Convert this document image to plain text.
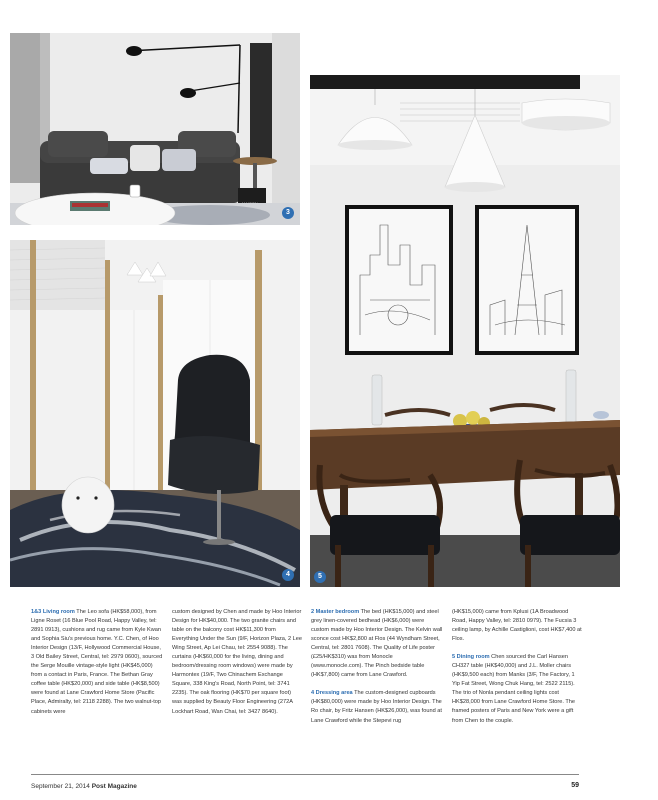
3
4	5

1&3 Living room The Leo sofa (HK$58,000), from Ligne Roset (16 Blue Pool Road, Happy Valley, tel: 2891 0913), cushions and rug came from Kyle Kwan and Sophia Siu's previous home. Y.C. Chen, of Hoo Interior Design (13/F, Hollywood Commercial House, 3 Old Bailey Street, Central, tel: 2979 0600), sourced the Serge Mouille vintage-style light (HK$45,000) from a contact in Paris, France. The Bethan Gray coffee table (HK$20,000) and side table (HK$8,500) were found at Lane Crawford Home Store (Pacific Place, Admiralty, tel: 2118 2288). The two walnut-top cabinets were

custom designed by Chen and made by Hoo Interior Design for HK$40,000. The two granite chairs and table on the balcony cost HK$11,300 from Everything Under the Sun (9/F, Horizon Plaza, 2 Lee Wing Street, Ap Lei Chau, tel: 2554 9088). The curtains (HK$60,000 for the living, dining and bedroom/dressing room windows) were made by Harmontex (19/F, Two Chinachem Exchange Square, 338 King's Road, North Point, tel: 3741 2235). The oak flooring (HK$70 per square foot) was supplied by Beauty Floor Engineering (272A Lockhart Road, Wan Chai, tel: 3427 8640).

2 Master bedroom The bed (HK$15,000) and steel grey linen-covered bedhead (HK$6,000) were custom made by Hoo Interior Design. The Kelvin wall sconce cost HK$2,800 at Flos (44 Wyndham Street, Central, tel: 2801 7608). The Quality of Life poster (£25/HK$310) was from Monocle (www.monocle.com). The Pinch bedside table (HK$7,800) came from Lane Crawford.

4 Dressing area The custom-designed cupboards (HK$80,000) were made by Hoo Interior Design. The Ro chair, by Fritz Hansen (HK$26,000), was found at Lane Crawford while the Stepevi rug

(HK$15,000) came from Kplusi (1A Broadwood Road, Happy Valley, tel: 2810 0979). The Fucsia 3 ceiling lamp, by Achille Castiglioni, cost HK$7,400 at Flos.

5 Dining room Chen sourced the Carl Hansen CH327 table (HK$40,000) and J.L. Moller chairs (HK$9,500 each) from Manks (3/F, The Factory, 1 Yip Fat Street, Wong Chuk Hang, tel: 2522 2115). The trio of Nonla pendant ceiling lights cost HK$28,000 from Lane Crawford Home Store. The framed posters of Paris and New York were a gift from Chen to the couple.

September 21, 2014 Post Magazine	59
